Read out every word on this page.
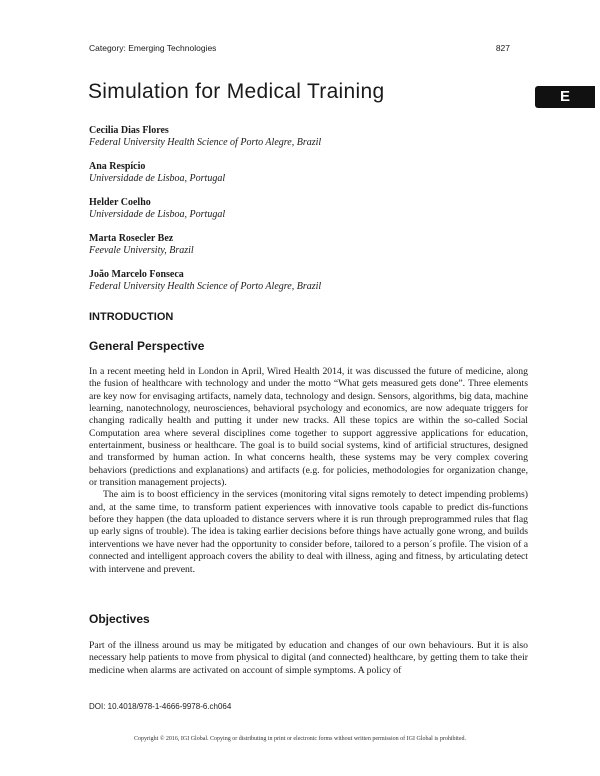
Category: Emerging Technologies	827
Simulation for Medical Training	E
Cecilia Dias Flores
Federal University Health Science of Porto Alegre, Brazil
Ana Respício
Universidade de Lisboa, Portugal
Helder Coelho
Universidade de Lisboa, Portugal
Marta Rosecler Bez
Feevale University, Brazil
João Marcelo Fonseca
Federal University Health Science of Porto Alegre, Brazil
INTRODUCTION
General Perspective

In a recent meeting held in London in April, Wired Health 2014, it was discussed the future of medicine, along the fusion of healthcare with technology and under the motto “What gets measured gets done”. Three elements are key now for envisaging artifacts, namely data, technology and design. Sensors, algorithms, big data, machine learning, nanotechnology, neurosciences, behavioral psychology and economics, are now adequate triggers for changing radically health and putting it under new tracks. All these topics are within the so-called Social Computation area where several disciplines come together to support aggressive applications for education, entertainment, business or healthcare. The goal is to build social systems, kind of artificial structures, designed and transformed by human action. In what concerns health, these systems may be very complex covering behaviors (predictions and explanations) and artifacts (e.g. for policies, methodologies for organization change, or transition management projects).

The aim is to boost efficiency in the services (monitoring vital signs remotely to detect impending problems) and, at the same time, to transform patient experiences with innovative tools capable to predict dis-functions before they happen (the data uploaded to distance servers where it is run through preprogrammed rules that flag up early signs of trouble). The idea is taking earlier decisions before things have actually gone wrong, and builds interventions we have never had the opportunity to consider before, tailored to a person´s profile. The vision of a connected and intelligent approach covers the ability to deal with illness, aging and fitness, by articulating detect with intervene and prevent.

Objectives

Part of the illness around us may be mitigated by education and changes of our own behaviours. But it is also necessary help patients to move from physical to digital (and connected) healthcare, by getting them to take their medicine when alarms are activated on account of simple symptoms. A policy of

DOI: 10.4018/978-1-4666-9978-6.ch064
Copyright © 2016, IGI Global. Copying or distributing in print or electronic forms without written permission of IGI Global is prohibited.
